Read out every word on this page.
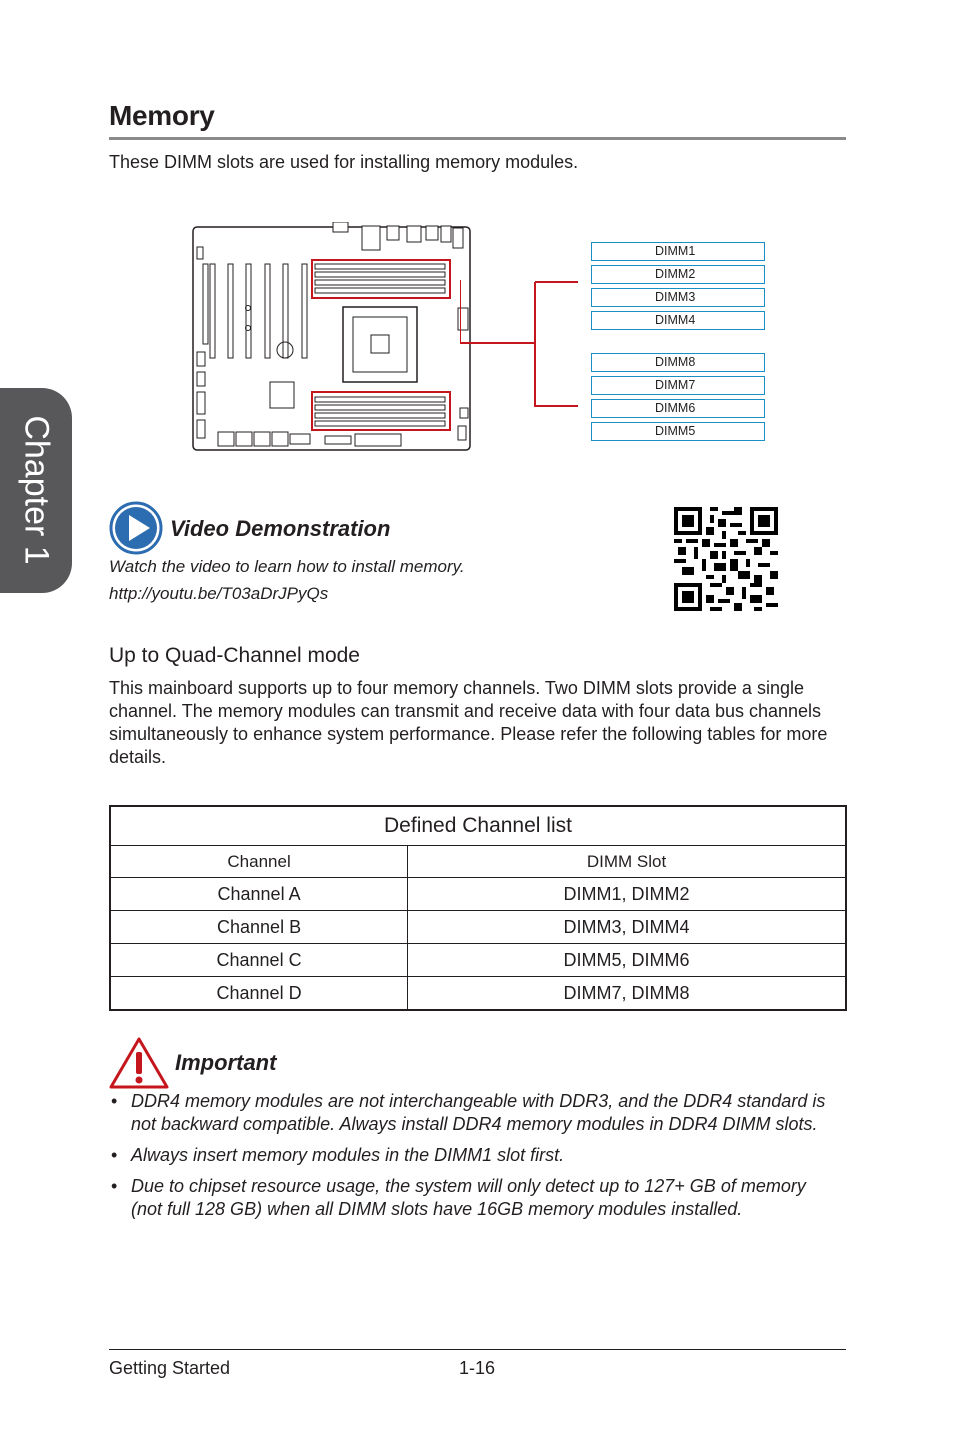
Chapter 1
Memory
These DIMM slots are used for installing memory modules.
DIMM1
DIMM2
DIMM3
DIMM4
DIMM8
DIMM7
DIMM6
DIMM5
Video Demonstration
Watch the video to learn how to install memory.
http://youtu.be/T03aDrJPyQs
Up to Quad-Channel mode
This mainboard supports up to four memory channels. Two DIMM slots provide a single channel. The memory modules can transmit and receive data with four data bus channels simultaneously to enhance system performance. Please refer the following tables for more details.
Defined Channel list	
Channel	DIMM Slot
Channel A	DIMM1, DIMM2
Channel B	DIMM3, DIMM4
Channel C	DIMM5, DIMM6
Channel D	DIMM7, DIMM8
Important
• DDR4 memory modules are not interchangeable with DDR3, and the DDR4 standard is not backward compatible. Always install DDR4 memory modules in DDR4 DIMM slots.
• Always insert memory modules in the DIMM1 slot first.
• Due to chipset resource usage, the system will only detect up to 127+ GB of memory (not full 128 GB) when all DIMM slots have 16GB memory modules installed.
Getting Started	1-16
